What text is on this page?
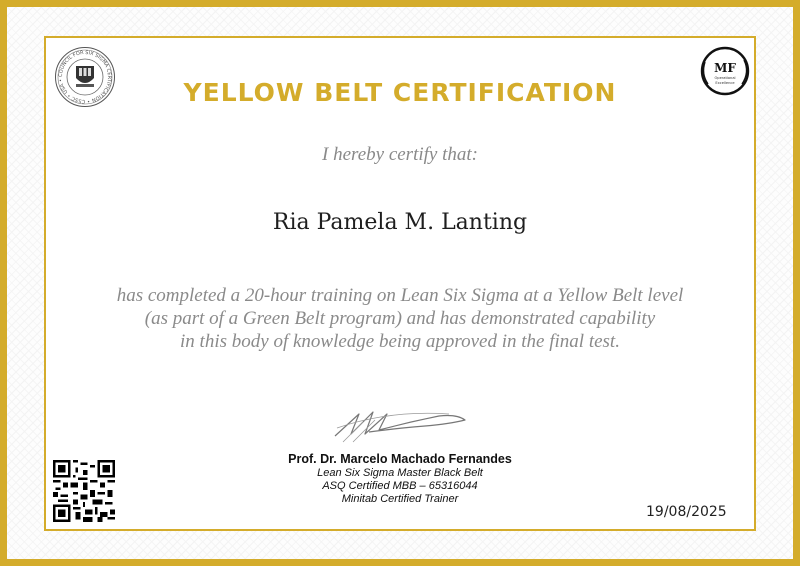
COUNCIL FOR SIX SIGMA CERTIFICATION • CSSC • USA •
MF
Operational
Excellence
YELLOW BELT CERTIFICATION
I hereby certify that:
Ria Pamela M. Lanting
has completed a 20-hour training on Lean Six Sigma at a Yellow Belt level
(as part of a Green Belt program) and has demonstrated capability
in this body of knowledge being approved in the final test.
Prof. Dr. Marcelo Machado Fernandes
Lean Six Sigma Master Black Belt
ASQ Certified MBB – 65316044
Minitab Certified Trainer
19/08/2025
